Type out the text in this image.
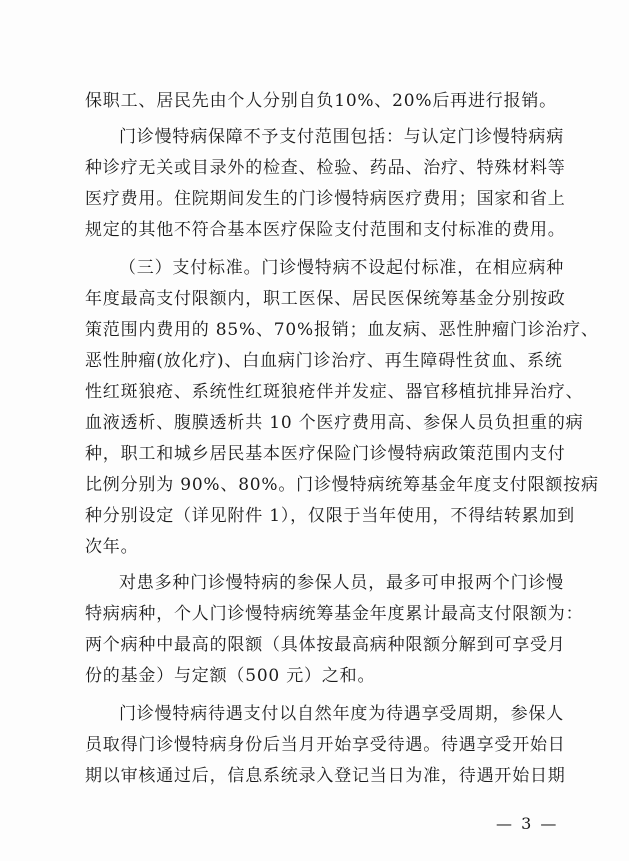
保职工、居民先由个人分别自负10%、20%后再进行报销。
门诊慢特病保障不予支付范围包括：与认定门诊慢特病病
种诊疗无关或目录外的检查、检验、药品、治疗、特殊材料等
医疗费用。住院期间发生的门诊慢特病医疗费用；国家和省上
规定的其他不符合基本医疗保险支付范围和支付标准的费用。
（三）支付标准。门诊慢特病不设起付标准，在相应病种
年度最高支付限额内，职工医保、居民医保统筹基金分别按政
策范围内费用的 85%、70%报销；血友病、恶性肿瘤门诊治疗、
恶性肿瘤(放化疗)、白血病门诊治疗、再生障碍性贫血、系统
性红斑狼疮、系统性红斑狼疮伴并发症、器官移植抗排异治疗、
血液透析、腹膜透析共 10 个医疗费用高、参保人员负担重的病
种，职工和城乡居民基本医疗保险门诊慢特病政策范围内支付
比例分别为 90%、80%。门诊慢特病统筹基金年度支付限额按病
种分别设定（详见附件 1），仅限于当年使用，不得结转累加到
次年。
对患多种门诊慢特病的参保人员，最多可申报两个门诊慢
特病病种，个人门诊慢特病统筹基金年度累计最高支付限额为：
两个病种中最高的限额（具体按最高病种限额分解到可享受月
份的基金）与定额（500 元）之和。
门诊慢特病待遇支付以自然年度为待遇享受周期，参保人
员取得门诊慢特病身份后当月开始享受待遇。待遇享受开始日
期以审核通过后，信息系统录入登记当日为准，待遇开始日期
— 3 —
